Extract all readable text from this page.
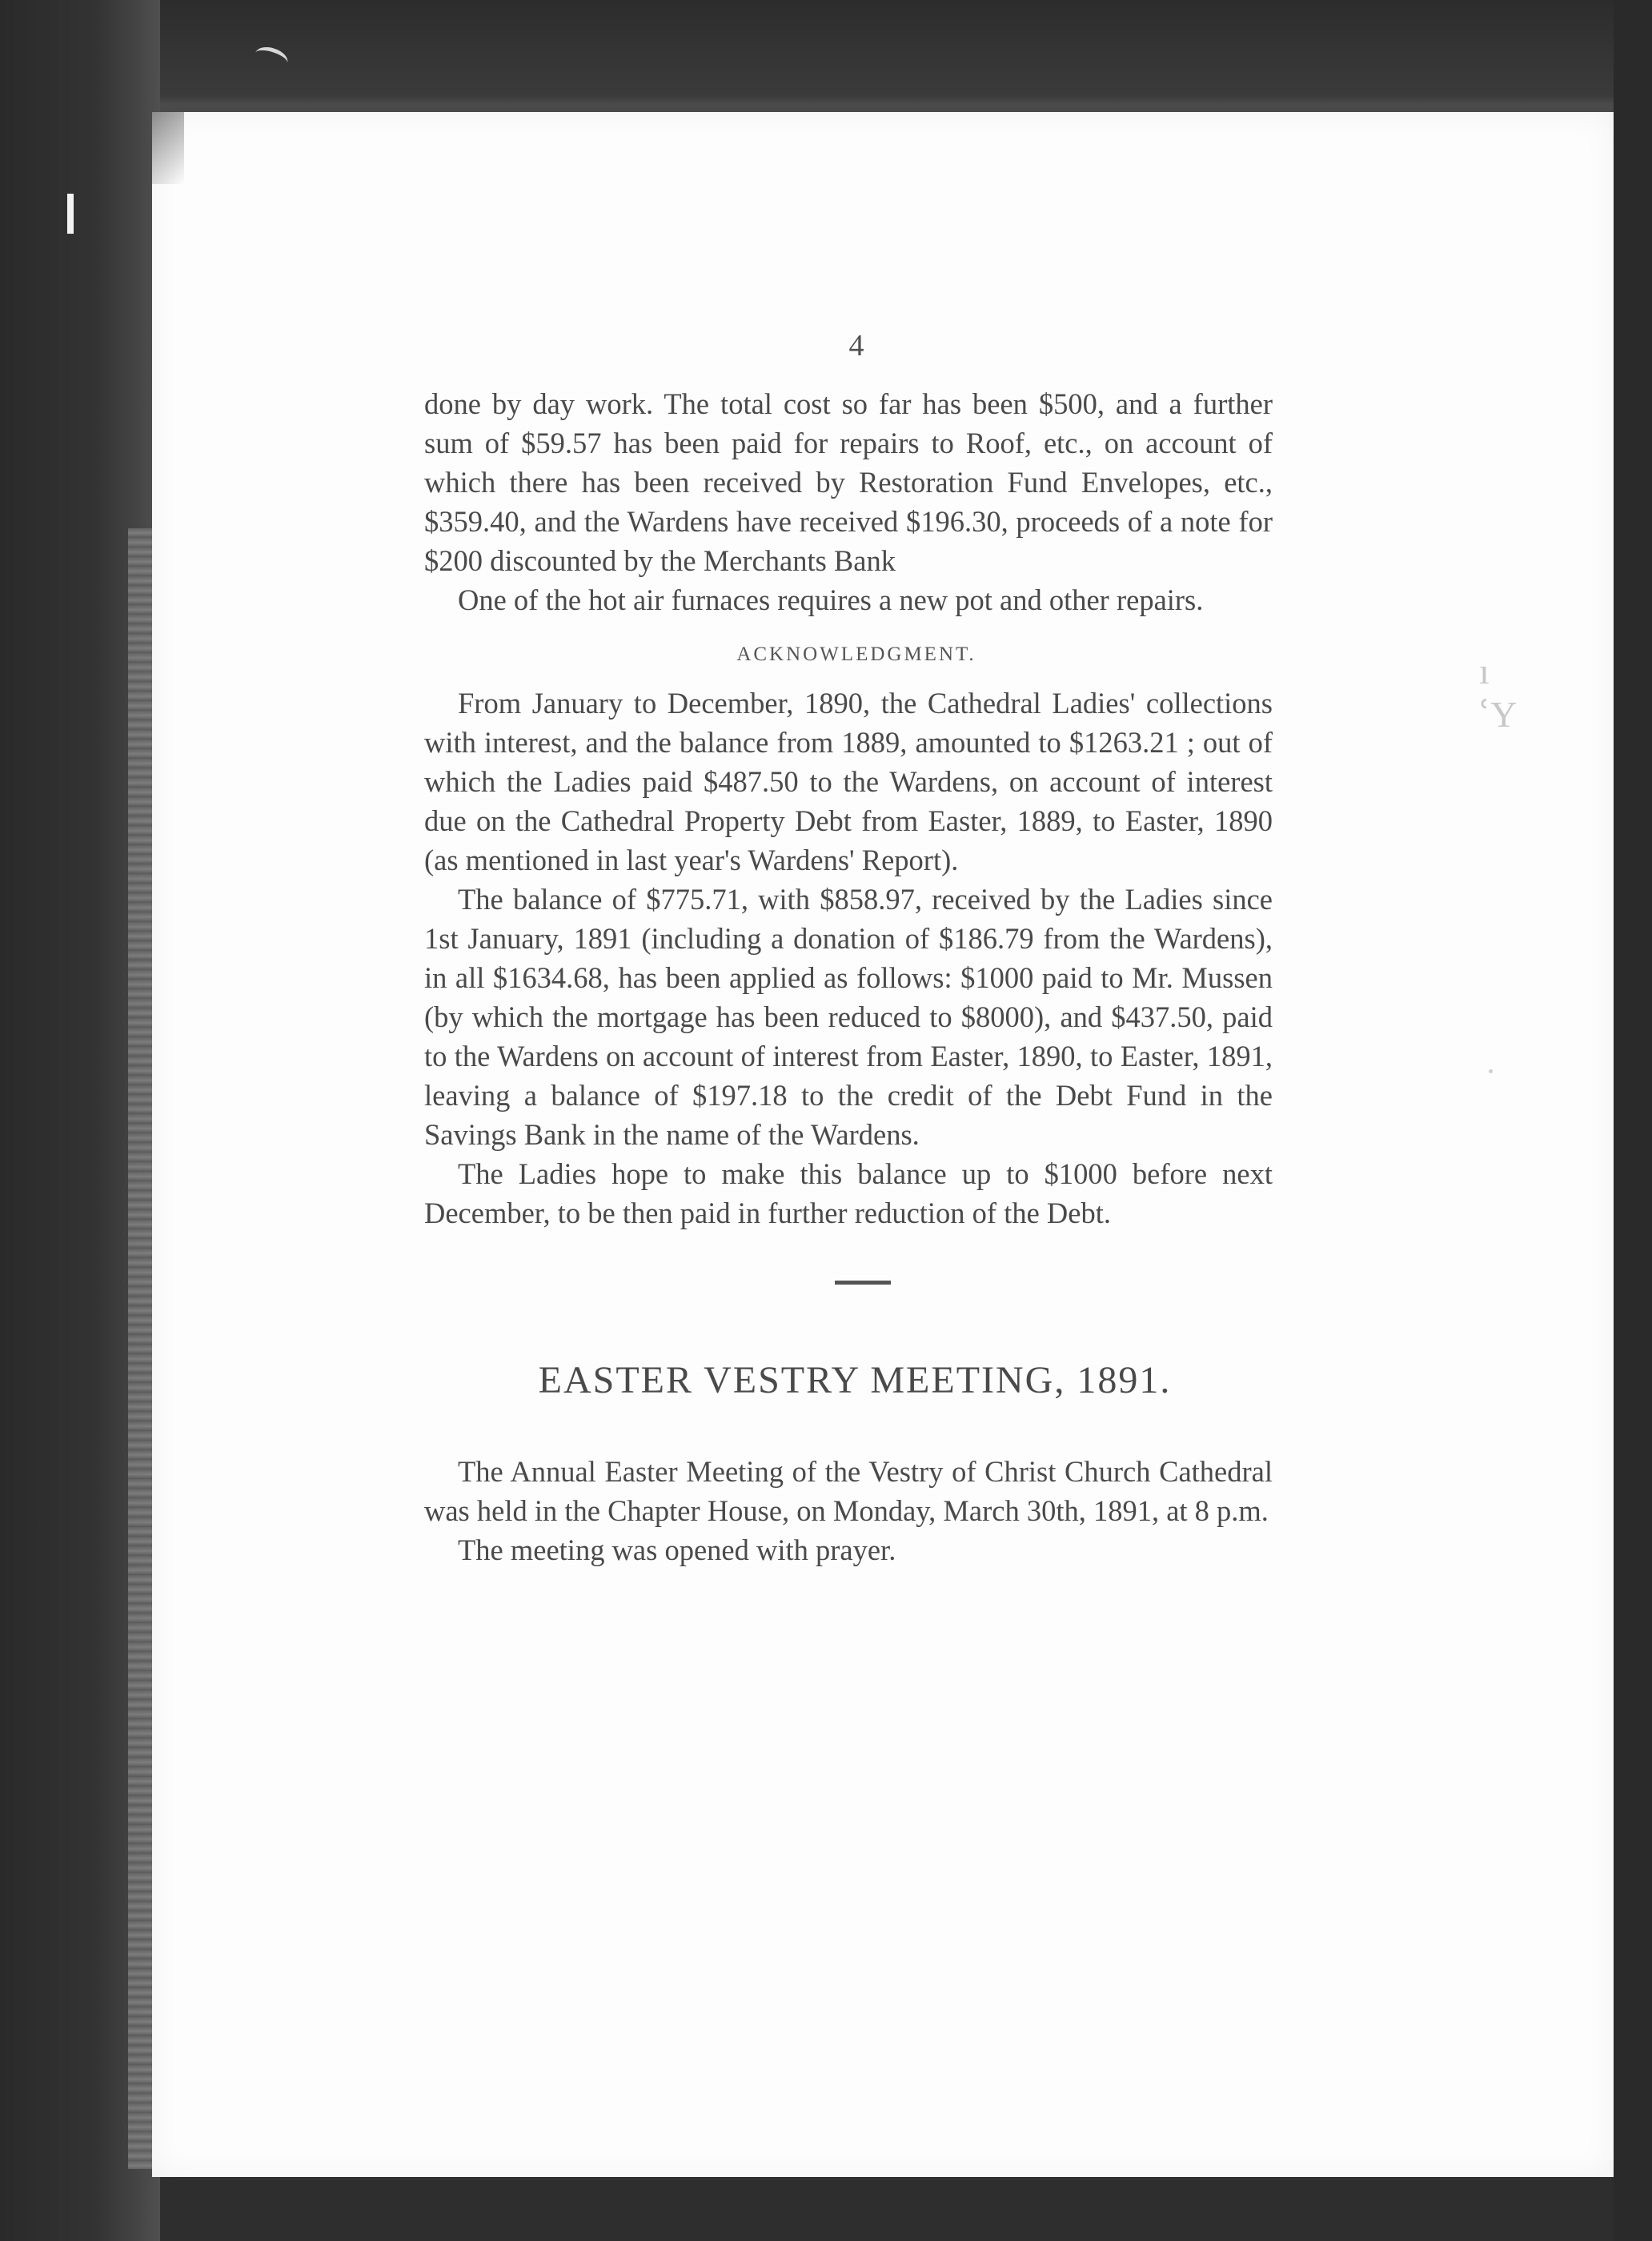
ı
ՙY
4

done by day work. The total cost so far has been $500, and a further sum of $59.57 has been paid for repairs to Roof, etc., on account of which there has been received by Restoration Fund Envelopes, etc., $359.40, and the Wardens have received $196.30, proceeds of a note for $200 discounted by the Merchants Bank

One of the hot air furnaces requires a new pot and other repairs.

ACKNOWLEDGMENT.

From January to December, 1890, the Cathedral Ladies' collections with interest, and the balance from 1889, amounted to $1263.21 ; out of which the Ladies paid $487.50 to the Wardens, on account of interest due on the Cathedral Property Debt from Easter, 1889, to Easter, 1890 (as mentioned in last year's Wardens' Report).

The balance of $775.71, with $858.97, received by the Ladies since 1st January, 1891 (including a donation of $186.79 from the Wardens), in all $1634.68, has been applied as follows: $1000 paid to Mr. Mussen (by which the mortgage has been reduced to $8000), and $437.50, paid to the Wardens on account of interest from Easter, 1890, to Easter, 1891, leaving a balance of $197.18 to the credit of the Debt Fund in the Savings Bank in the name of the Wardens.

The Ladies hope to make this balance up to $1000 before next December, to be then paid in further reduction of the Debt.

EASTER VESTRY MEETING, 1891.

The Annual Easter Meeting of the Vestry of Christ Church Cathedral was held in the Chapter House, on Monday, March 30th, 1891, at 8 p.m.

The meeting was opened with prayer.
